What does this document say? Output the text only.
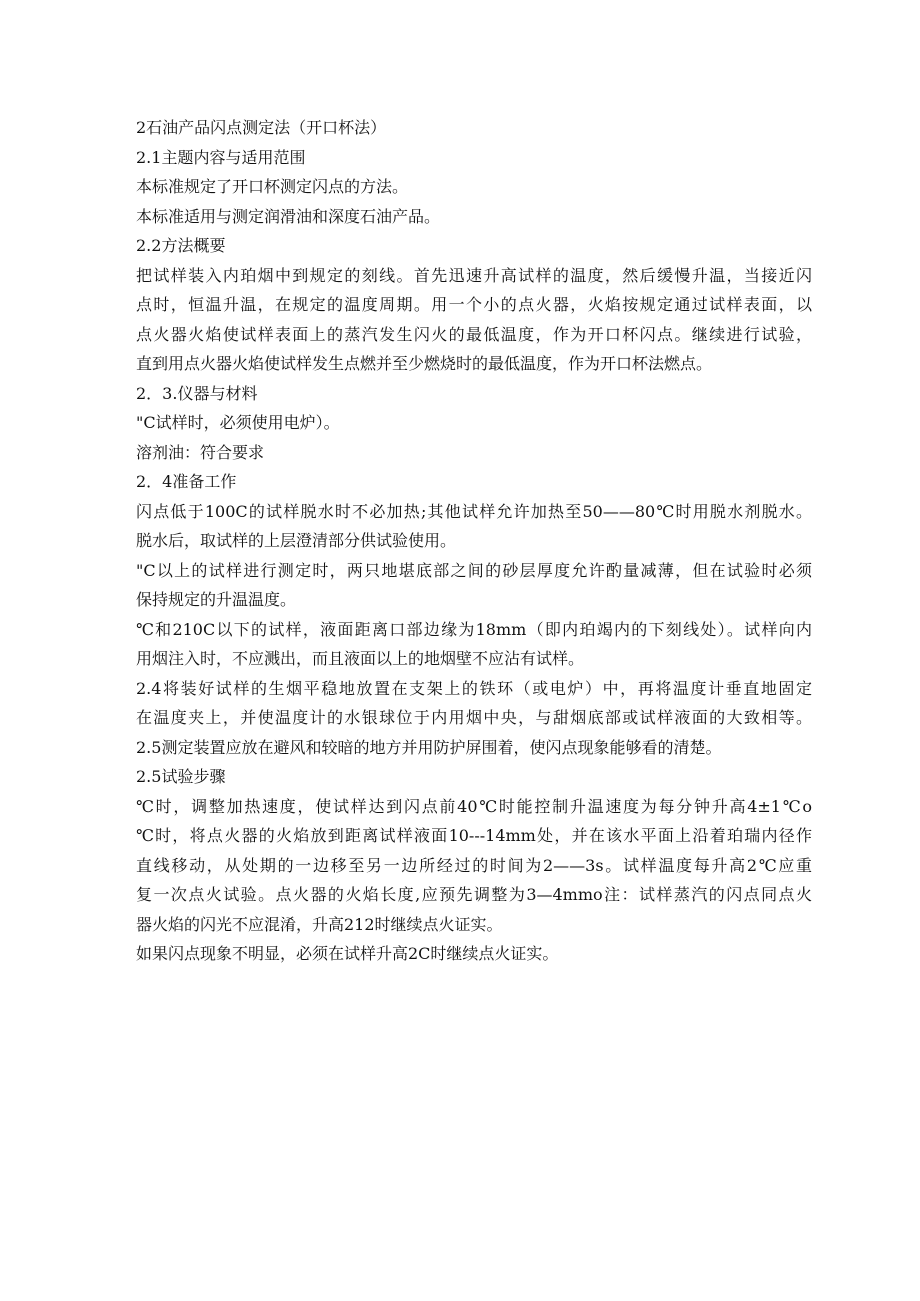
2石油产品闪点测定法（开口杯法）
2.1主题内容与适用范围
本标准规定了开口杯测定闪点的方法。
本标准适用与测定润滑油和深度石油产品。
2.2方法概要
把试样装入内珀烟中到规定的刻线。首先迅速升高试样的温度，然后缓慢升温，当接近闪
点时，恒温升温，在规定的温度周期。用一个小的点火器，火焰按规定通过试样表面，以
点火器火焰使试样表面上的蒸汽发生闪火的最低温度，作为开口杯闪点。继续进行试验，
直到用点火器火焰使试样发生点燃并至少燃烧时的最低温度，作为开口杯法燃点。
2．3.仪器与材料
"C试样时，必须使用电炉）。
溶剂油：符合要求
2．4准备工作
闪点低于100C的试样脱水时不必加热;其他试样允许加热至50——80℃时用脱水剂脱水。
脱水后，取试样的上层澄清部分供试验使用。
"C以上的试样进行测定时，两只地堪底部之间的砂层厚度允许酌量减薄，但在试验时必须
保持规定的升温温度。
℃和210C以下的试样，液面距离口部边缘为18mm（即内珀竭内的下刻线处）。试样向内
用烟注入时，不应溅出，而且液面以上的地烟壁不应沾有试样。
2.4将装好试样的生烟平稳地放置在支架上的铁环（或电炉）中，再将温度计垂直地固定
在温度夹上，并使温度计的水银球位于内用烟中央，与甜烟底部或试样液面的大致相等。
2.5测定装置应放在避风和较暗的地方并用防护屏围着，使闪点现象能够看的清楚。
2.5试验步骤
℃时，调整加热速度，使试样达到闪点前40℃时能控制升温速度为每分钟升高4±1℃o
℃时，将点火器的火焰放到距离试样液面10---14mm处，并在该水平面上沿着珀瑞内径作
直线移动，从处期的一边移至另一边所经过的时间为2——3s。试样温度每升高2℃应重
复一次点火试验。点火器的火焰长度,应预先调整为3—4mmo注：试样蒸汽的闪点同点火
器火焰的闪光不应混淆，升高212时继续点火证实。
如果闪点现象不明显，必须在试样升高2C时继续点火证实。
